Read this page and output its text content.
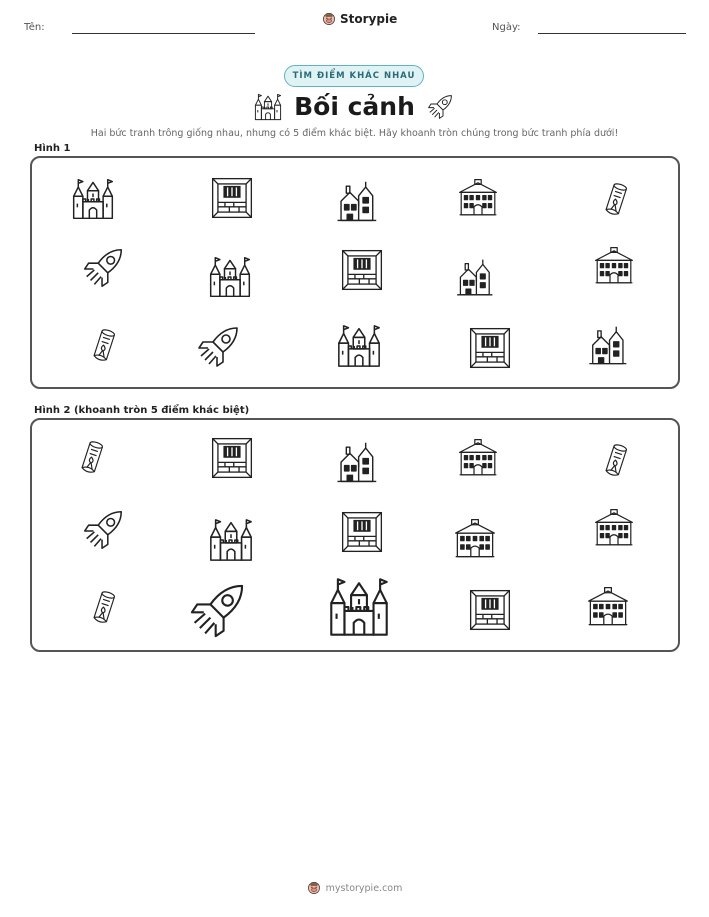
Tên:
Storypie
Ngày:
TÌM ĐIỂM KHÁC NHAU
Bối cảnh
Hai bức tranh trông giống nhau, nhưng có 5 điểm khác biệt. Hãy khoanh tròn chúng trong bức tranh phía dưới!
Hình 1
Hình 2 (khoanh tròn 5 điểm khác biệt)
mystorypie.com
